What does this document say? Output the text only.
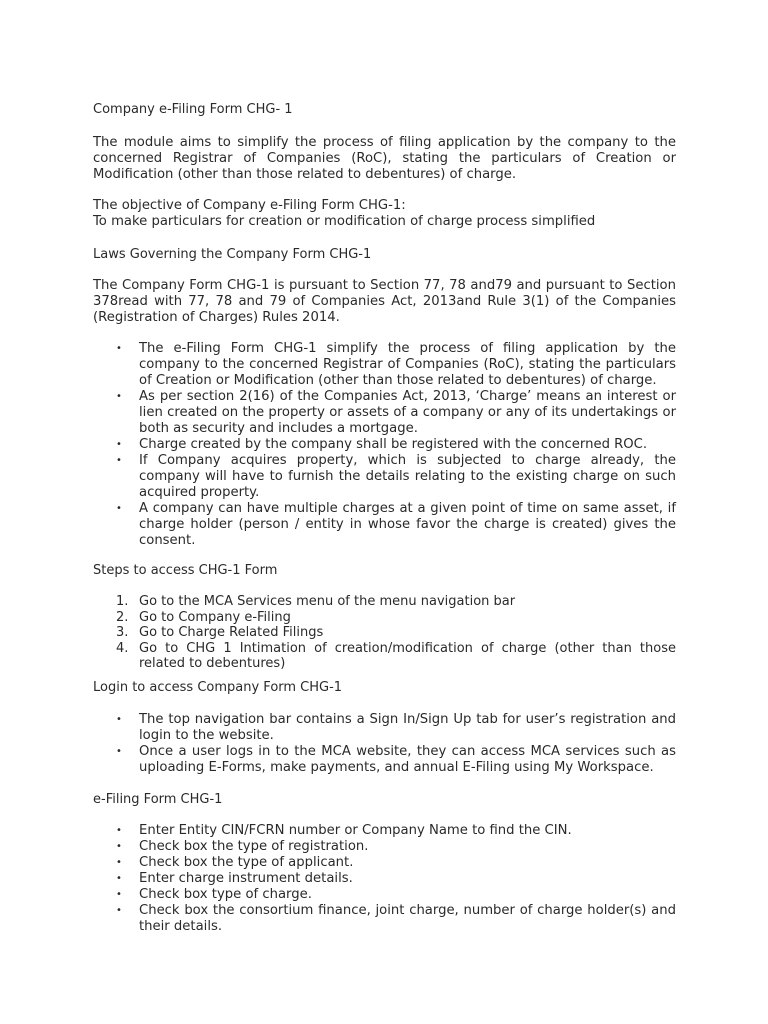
Company e-Filing Form CHG- 1

The module aims to simplify the process of filing application by the company to the concerned Registrar of Companies (RoC), stating the particulars of Creation or Modification (other than those related to debentures) of charge.

The objective of Company e-Filing Form CHG-1:

To make particulars for creation or modification of charge process simplified

Laws Governing the Company Form CHG-1

The Company Form CHG-1 is pursuant to Section 77, 78 and79 and pursuant to Section 378read with 77, 78 and 79 of Companies Act, 2013and Rule 3(1) of the Companies (Registration of Charges) Rules 2014.

•	The e-Filing Form CHG-1 simplify the process of filing application by the company to the concerned Registrar of Companies (RoC), stating the particulars of Creation or Modification (other than those related to debentures) of charge.
•	As per section 2(16) of the Companies Act, 2013, ‘Charge’ means an interest or lien created on the property or assets of a company or any of its undertakings or both as security and includes a mortgage.
•	Charge created by the company shall be registered with the concerned ROC.
•	If Company acquires property, which is subjected to charge already, the company will have to furnish the details relating to the existing charge on such acquired property.
•	A company can have multiple charges at a given point of time on same asset, if charge holder (person / entity in whose favor the charge is created) gives the consent.

Steps to access CHG-1 Form

1. Go to the MCA Services menu of the menu navigation bar
2. Go to Company e-Filing
3. Go to Charge Related Filings
4. Go to CHG 1 Intimation of creation/modification of charge (other than those related to debentures)

Login to access Company Form CHG-1

•	The top navigation bar contains a Sign In/Sign Up tab for user’s registration and login to the website.
•	Once a user logs in to the MCA website, they can access MCA services such as uploading E-Forms, make payments, and annual E-Filing using My Workspace.

e-Filing Form CHG-1

•	Enter Entity CIN/FCRN number or Company Name to find the CIN.
•	Check box the type of registration.
•	Check box the type of applicant.
•	Enter charge instrument details.
•	Check box type of charge.
•	Check box the consortium finance, joint charge, number of charge holder(s) and their details.
